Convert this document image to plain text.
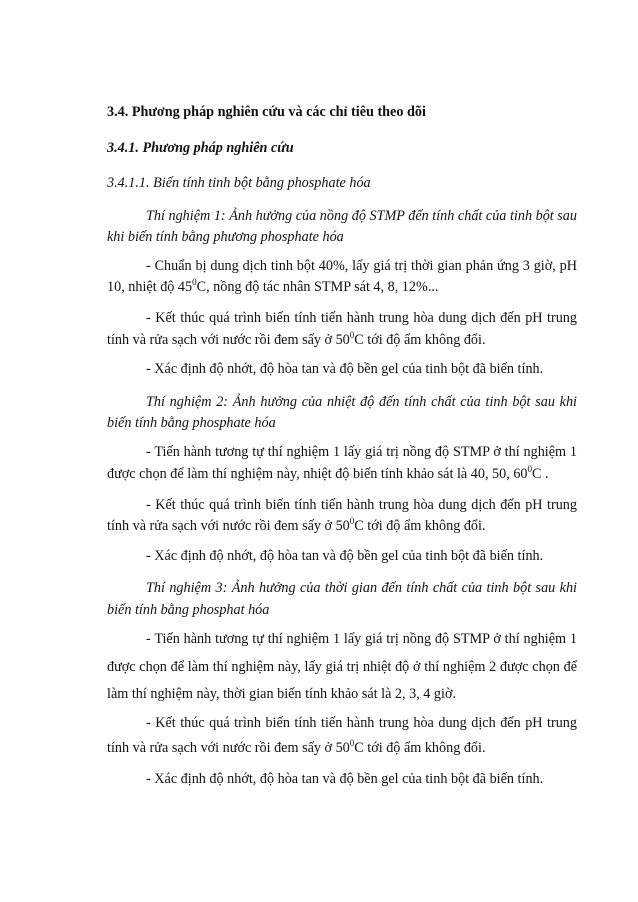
3.4. Phương pháp nghiên cứu và các chỉ tiêu theo dõi
3.4.1. Phương pháp nghiên cứu
3.4.1.1. Biến tính tinh bột bằng phosphate hóa
Thí nghiệm 1: Ảnh hưởng của nồng độ STMP đến tính chất của tinh bột sau
khi biến tính bằng phương phosphate hóa
- Chuẩn bị dung dịch tinh bột 40%, lấy giá trị thời gian phản ứng 3 giờ, pH
10, nhiệt độ $45^0C$, nồng độ tác nhân STMP sát 4, 8, 12%...
- Kết thúc quá trình biến tính tiến hành trung hòa dung dịch đến pH trung
tính và rửa sạch với nước rồi đem sấy ở $50^0C$ tới độ ẩm không đổi.
- Xác định độ nhớt, độ hòa tan và độ bền gel của tinh bột đã biến tính.
Thí nghiệm 2: Ảnh hưởng của nhiệt độ đến tính chất của tinh bột sau khi
biến tính bằng phosphate hóa
- Tiến hành tương tự thí nghiệm 1 lấy giá trị nồng độ STMP ở thí nghiệm 1
được chọn để làm thí nghiệm này, nhiệt độ biến tính khảo sát là 40, 50, $60^0C$ .
- Kết thúc quá trình biến tính tiến hành trung hòa dung dịch đến pH trung
tính và rửa sạch với nước rồi đem sấy ở $50^0C$ tới độ ẩm không đổi.
- Xác định độ nhớt, độ hòa tan và độ bền gel của tinh bột đã biến tính.
Thí nghiệm 3: Ảnh hưởng của thời gian đến tính chất của tinh bột sau khi
biến tính bằng phosphat hóa
- Tiến hành tương tự thí nghiệm 1 lấy giá trị nồng độ STMP ở thí nghiệm 1
được chọn để làm thí nghiệm này, lấy giá trị nhiệt độ ở thí nghiệm 2 được chọn để
làm thí nghiệm này, thời gian biến tính khảo sát là 2, 3, 4 giờ.
- Kết thúc quá trình biến tính tiến hành trung hòa dung dịch đến pH trung
tính và rửa sạch với nước rồi đem sấy ở $50^0C$ tới độ ẩm không đổi.
- Xác định độ nhớt, độ hòa tan và độ bền gel của tinh bột đã biến tính.
